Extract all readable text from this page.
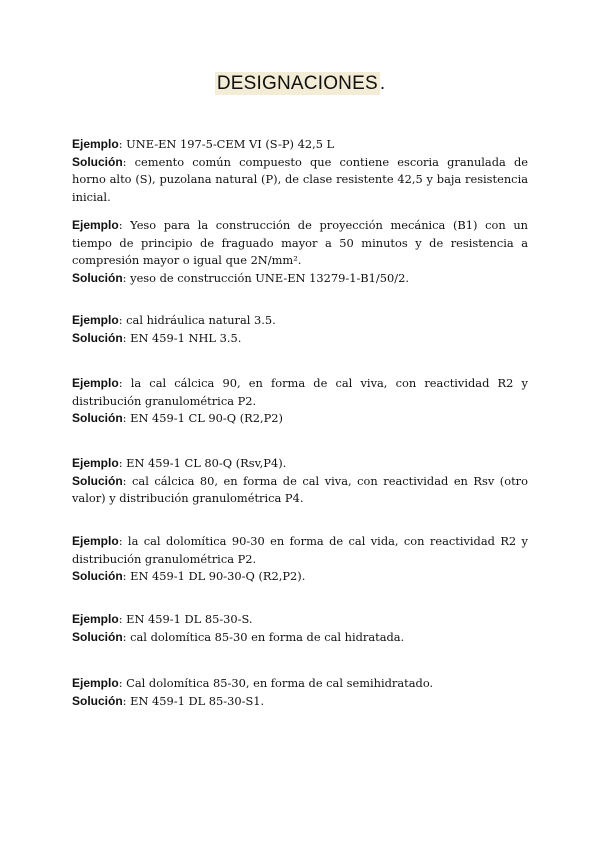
DESIGNACIONES .

Ejemplo: UNE-EN 197-5-CEM VI (S-P) 42,5 L

Solución: cemento común compuesto que contiene escoria granulada de horno alto (S), puzolana natural (P), de clase resistente 42,5 y baja resistencia inicial.

Ejemplo: Yeso para la construcción de proyección mecánica (B1) con un tiempo de principio de fraguado mayor a 50 minutos y de resistencia a compresión mayor o igual que 2N/mm².

Solución: yeso de construcción UNE-EN 13279-1-B1/50/2.

Ejemplo: cal hidráulica natural 3.5.

Solución: EN 459-1 NHL 3.5.

Ejemplo: la cal cálcica 90, en forma de cal viva, con reactividad R2 y distribución granulométrica P2.

Solución: EN 459-1 CL 90-Q (R2,P2)

Ejemplo: EN 459-1 CL 80-Q (Rsv,P4).

Solución: cal cálcica 80, en forma de cal viva, con reactividad en Rsv (otro valor) y distribución granulométrica P4.

Ejemplo: la cal dolomítica 90-30 en forma de cal vida, con reactividad R2 y distribución granulométrica P2.

Solución: EN 459-1 DL 90-30-Q (R2,P2).

Ejemplo: EN 459-1 DL 85-30-S.

Solución: cal dolomítica 85-30 en forma de cal hidratada.

Ejemplo: Cal dolomítica 85-30, en forma de cal semihidratado.

Solución: EN 459-1 DL 85-30-S1.
